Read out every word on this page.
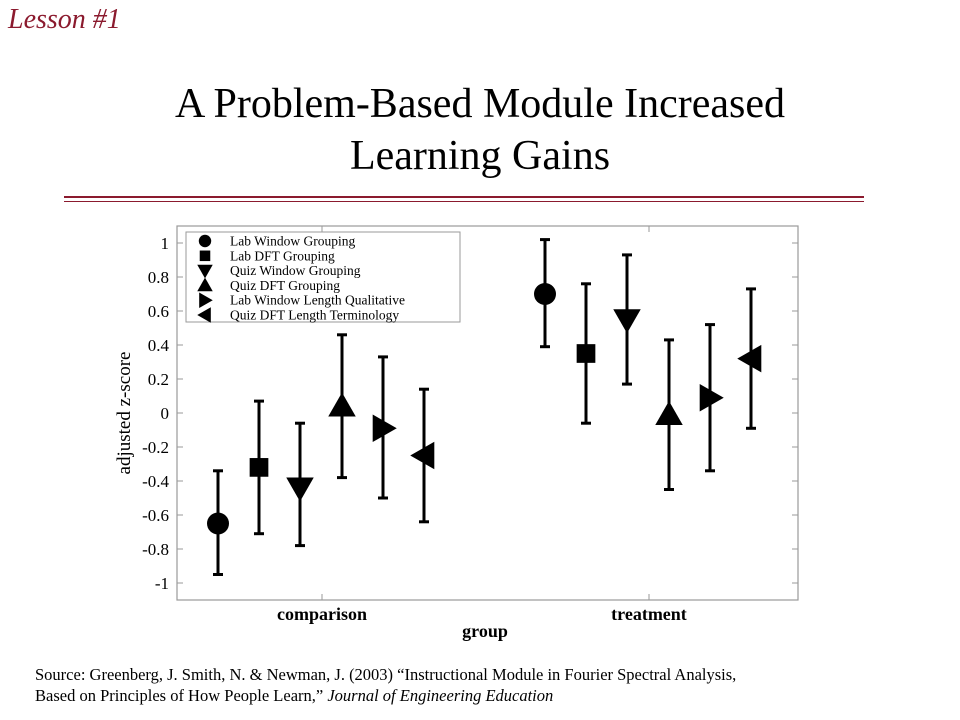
Lesson #1
A Problem-Based Module Increased
Learning Gains
-1
-0.8
-0.6
-0.4
-0.2
0
0.2
0.4
0.6
0.8
1
comparison	treatment
group
adjusted z-score
Lab Window Grouping
Lab DFT Grouping
Quiz Window Grouping
Quiz DFT Grouping
Lab Window Length Qualitative
Quiz DFT Length Terminology
Source: Greenberg, J. Smith, N. & Newman, J. (2003) “Instructional Module in Fourier Spectral Analysis,
Based on Principles of How People Learn,” Journal of Engineering Education
